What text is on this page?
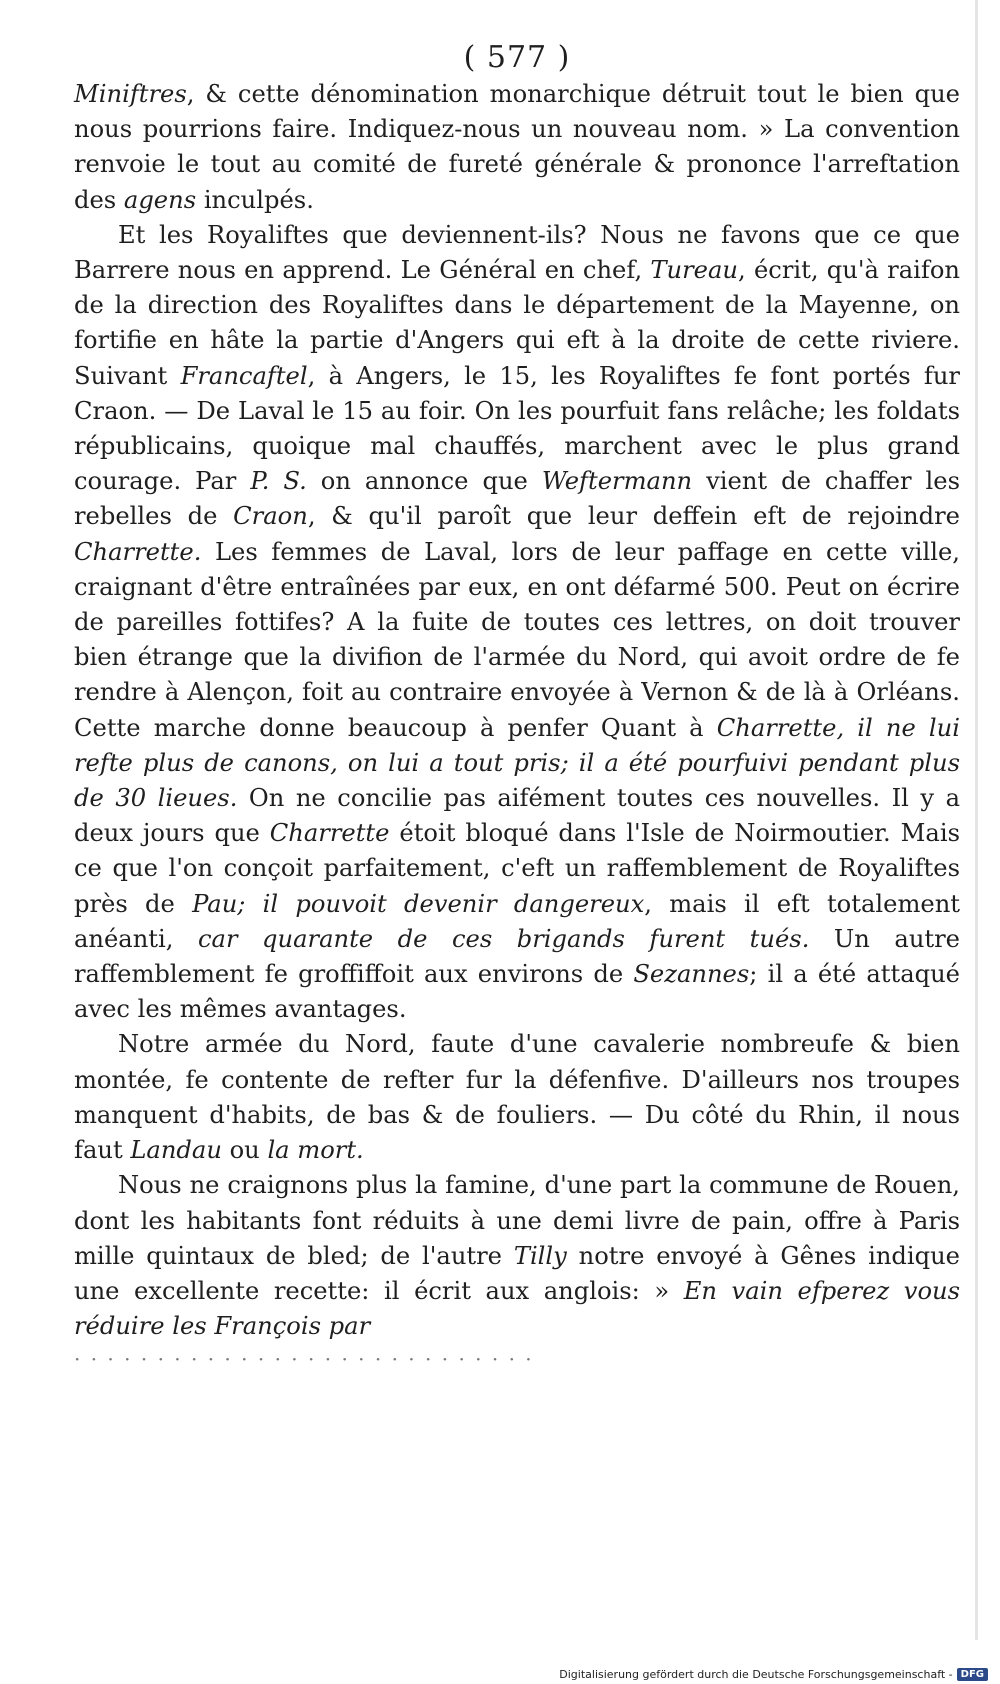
( 577 )

Miniftres, & cette dénomination monarchique détruit tout le bien que nous pourrions faire. Indiquez-nous un nouveau nom. » La convention renvoie le tout au comité de fureté générale & prononce l'arreftation des agens inculpés.

Et les Royaliftes que deviennent-ils? Nous ne favons que ce que Barrere nous en apprend. Le Général en chef, Tureau, écrit, qu'à raifon de la direction des Royaliftes dans le département de la Mayenne, on fortifie en hâte la partie d'Angers qui eft à la droite de cette riviere. Suivant Francaftel, à Angers, le 15, les Royaliftes fe font portés fur Craon. — De Laval le 15 au foir. On les pourfuit fans relâche; les foldats républicains, quoique mal chauffés, marchent avec le plus grand courage. Par P. S. on annonce que Weftermann vient de chaffer les rebelles de Craon, & qu'il paroît que leur deffein eft de rejoindre Charrette. Les femmes de Laval, lors de leur paffage en cette ville, craignant d'être entraînées par eux, en ont défarmé 500. Peut on écrire de pareilles fottifes? A la fuite de toutes ces lettres, on doit trouver bien étrange que la divifion de l'armée du Nord, qui avoit ordre de fe rendre à Alençon, foit au contraire envoyée à Vernon & de là à Orléans. Cette marche donne beaucoup à penfer Quant à Charrette, il ne lui refte plus de canons, on lui a tout pris; il a été pourfuivi pendant plus de 30 lieues. On ne concilie pas aifément toutes ces nouvelles. Il y a deux jours que Charrette étoit bloqué dans l'Isle de Noirmoutier. Mais ce que l'on conçoit parfaitement, c'eft un raffemblement de Royaliftes près de Pau; il pouvoit devenir dangereux, mais il eft totalement anéanti, car quarante de ces brigands furent tués. Un autre raffemblement fe groffiffoit aux environs de Sezannes; il a été attaqué avec les mêmes avantages.

Notre armée du Nord, faute d'une cavalerie nombreufe & bien montée, fe contente de refter fur la défenfive. D'ailleurs nos troupes manquent d'habits, de bas & de fouliers. — Du côté du Rhin, il nous faut Landau ou la mort.

Nous ne craignons plus la famine, d'une part la commune de Rouen, dont les habitants font réduits à une demi livre de pain, offre à Paris mille quintaux de bled; de l'autre Tilly notre envoyé à Gênes indique une excellente recette: il écrit aux anglois: » En vain efperez vous réduire les François par

· · · · · · · · · · · · · · · · · · · · · · · · · · · ·
Digitalisierung gefördert durch die Deutsche Forschungsgemeinschaft - DFG
